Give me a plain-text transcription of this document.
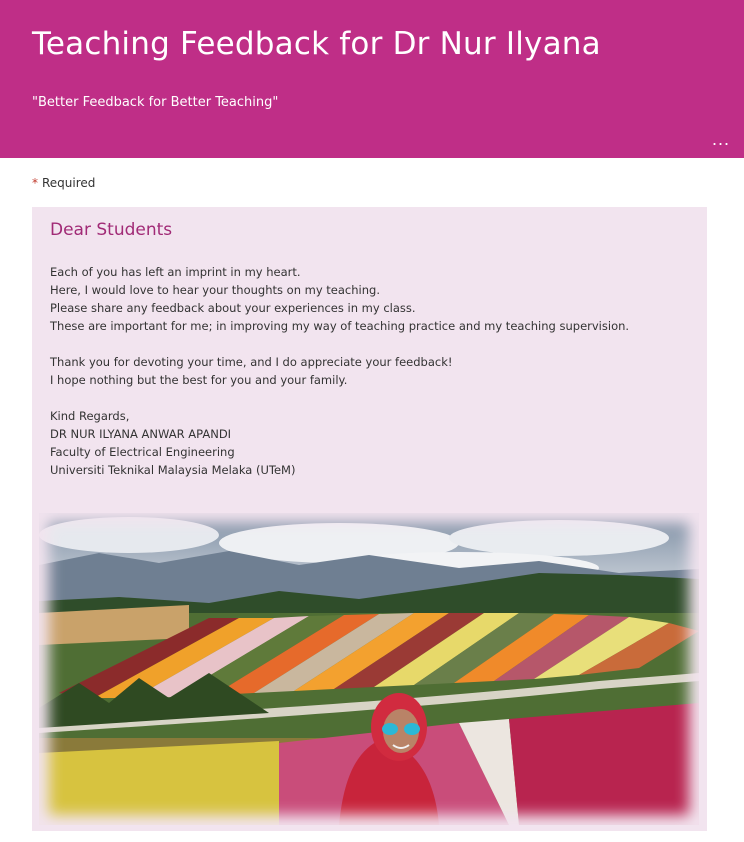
Teaching Feedback for Dr Nur Ilyana
"Better Feedback for Better Teaching"
...
* Required
Dear Students
Each of you has left an imprint in my heart.
Here, I would love to hear your thoughts on my teaching.
Please share any feedback about your experiences in my class.
These are important for me; in improving my way of teaching practice and my teaching supervision.
Thank you for devoting your time, and I do appreciate your feedback!
I hope nothing but the best for you and your family.
Kind Regards,
DR NUR ILYANA ANWAR APANDI
Faculty of Electrical Engineering
Universiti Teknikal Malaysia Melaka (UTeM)
